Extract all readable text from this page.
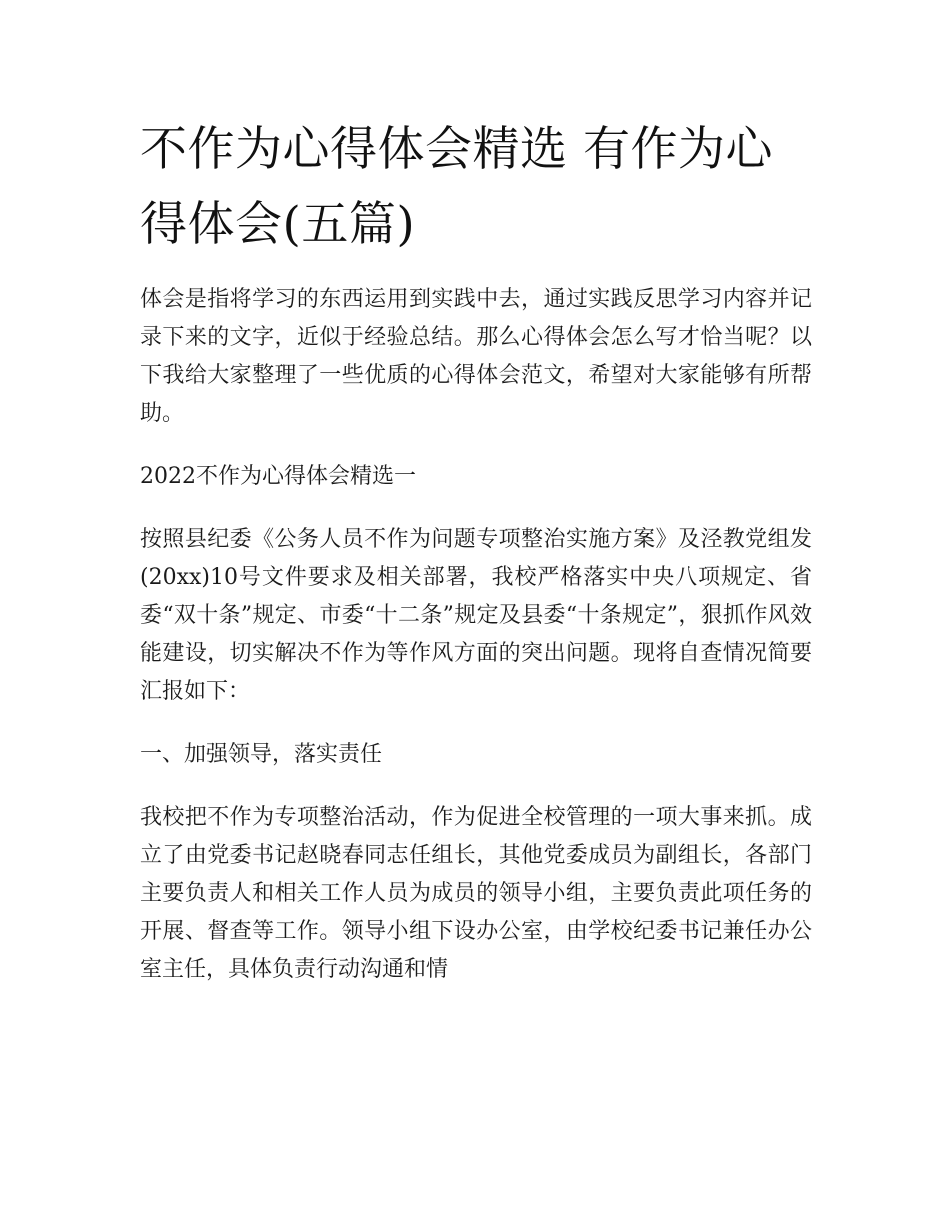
不作为心得体会精选 有作为心得体会(五篇)

体会是指将学习的东西运用到实践中去，通过实践反思学习内容并记录下来的文字，近似于经验总结。那么心得体会怎么写才恰当呢？以下我给大家整理了一些优质的心得体会范文，希望对大家能够有所帮助。

2022不作为心得体会精选一

按照县纪委《公务人员不作为问题专项整治实施方案》及泾教党组发(20xx)10号文件要求及相关部署，我校严格落实中央八项规定、省委“双十条”规定、市委“十二条”规定及县委“十条规定”，狠抓作风效能建设，切实解决不作为等作风方面的突出问题。现将自查情况简要汇报如下：

一、加强领导，落实责任

我校把不作为专项整治活动，作为促进全校管理的一项大事来抓。成立了由党委书记赵晓春同志任组长，其他党委成员为副组长，各部门主要负责人和相关工作人员为成员的领导小组，主要负责此项任务的开展、督查等工作。领导小组下设办公室，由学校纪委书记兼任办公室主任，具体负责行动沟通和情
